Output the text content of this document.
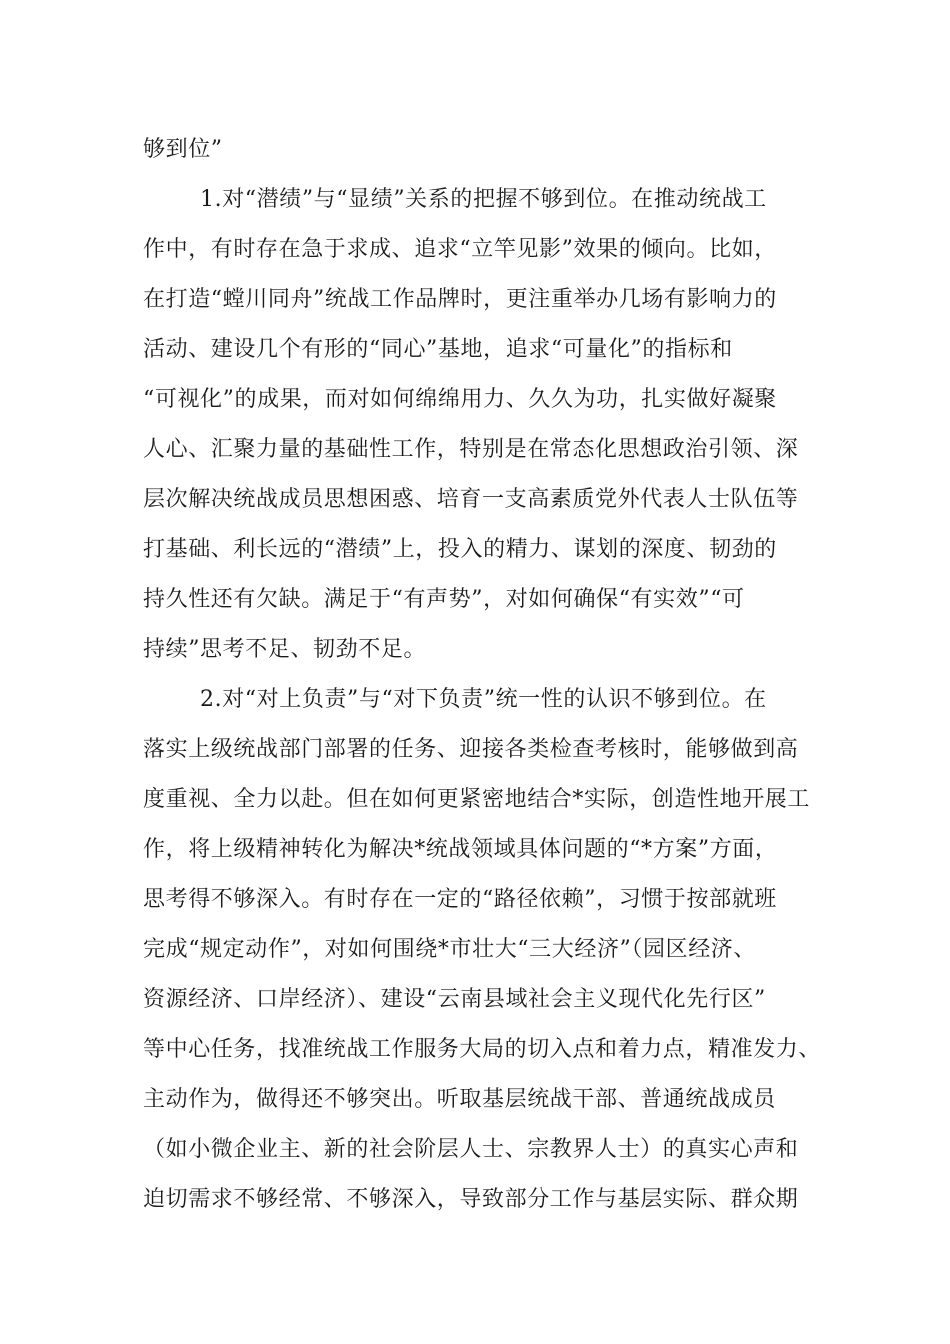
够到位”
1.对“潜绩”与“显绩”关系的把握不够到位。在推动统战工
作中，有时存在急于求成、追求“立竿见影”效果的倾向。比如，
在打造“螳川同舟”统战工作品牌时，更注重举办几场有影响力的
活动、建设几个有形的“同心”基地，追求“可量化”的指标和
“可视化”的成果，而对如何绵绵用力、久久为功，扎实做好凝聚
人心、汇聚力量的基础性工作，特别是在常态化思想政治引领、深
层次解决统战成员思想困惑、培育一支高素质党外代表人士队伍等
打基础、利长远的“潜绩”上，投入的精力、谋划的深度、韧劲的
持久性还有欠缺。满足于“有声势”，对如何确保“有实效”“可
持续”思考不足、韧劲不足。
2.对“对上负责”与“对下负责”统一性的认识不够到位。在
落实上级统战部门部署的任务、迎接各类检查考核时，能够做到高
度重视、全力以赴。但在如何更紧密地结合*实际，创造性地开展工
作，将上级精神转化为解决*统战领域具体问题的“*方案”方面，
思考得不够深入。有时存在一定的“路径依赖”，习惯于按部就班
完成“规定动作”，对如何围绕*市壮大“三大经济”（园区经济、
资源经济、口岸经济）、建设“云南县域社会主义现代化先行区”
等中心任务，找准统战工作服务大局的切入点和着力点，精准发力、
主动作为，做得还不够突出。听取基层统战干部、普通统战成员
（如小微企业主、新的社会阶层人士、宗教界人士）的真实心声和
迫切需求不够经常、不够深入，导致部分工作与基层实际、群众期
